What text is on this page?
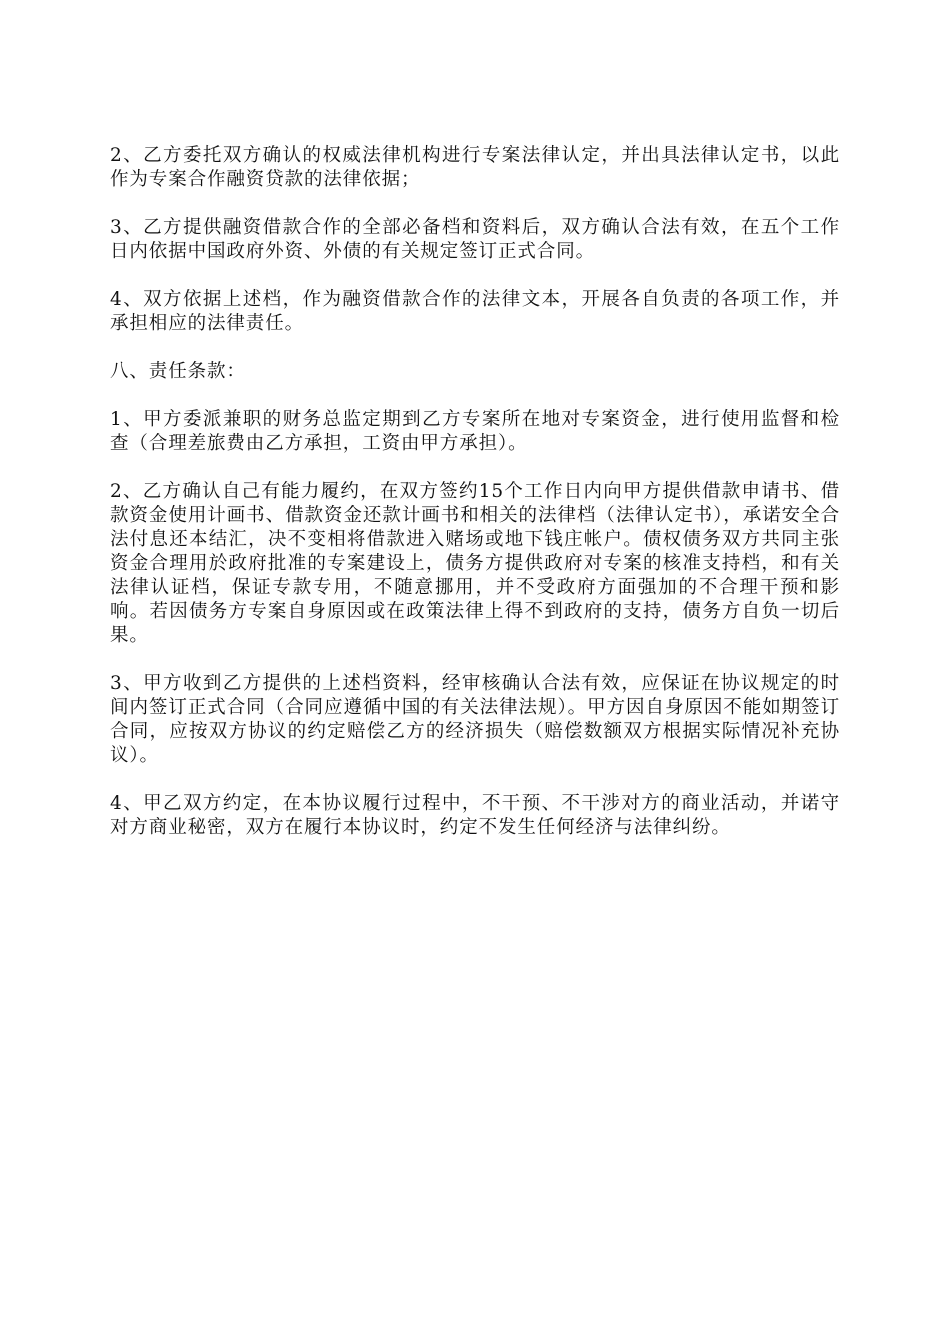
2、乙方委托双方确认的权威法律机构进行专案法律认定，并出具法律认定书，以此作为专案合作融资贷款的法律依据；

3、乙方提供融资借款合作的全部必备档和资料后，双方确认合法有效，在五个工作日内依据中国政府外资、外债的有关规定签订正式合同。

4、双方依据上述档，作为融资借款合作的法律文本，开展各自负责的各项工作，并承担相应的法律责任。

八、责任条款：

1、甲方委派兼职的财务总监定期到乙方专案所在地对专案资金，进行使用监督和检查（合理差旅费由乙方承担，工资由甲方承担）。

2、乙方确认自己有能力履约，在双方签约15个工作日内向甲方提供借款申请书、借款资金使用计画书、借款资金还款计画书和相关的法律档（法律认定书），承诺安全合法付息还本结汇，决不变相将借款进入赌场或地下钱庄帐户。债权债务双方共同主张资金合理用於政府批准的专案建设上，债务方提供政府对专案的核准支持档，和有关法律认证档，保证专款专用，不随意挪用，并不受政府方面强加的不合理干预和影响。若因债务方专案自身原因或在政策法律上得不到政府的支持，债务方自负一切后果。

3、甲方收到乙方提供的上述档资料，经审核确认合法有效，应保证在协议规定的时间内签订正式合同（合同应遵循中国的有关法律法规）。甲方因自身原因不能如期签订合同，应按双方协议的约定赔偿乙方的经济损失（赔偿数额双方根据实际情况补充协议）。

4、甲乙双方约定，在本协议履行过程中，不干预、不干涉对方的商业活动，并诺守对方商业秘密，双方在履行本协议时，约定不发生任何经济与法律纠纷。
